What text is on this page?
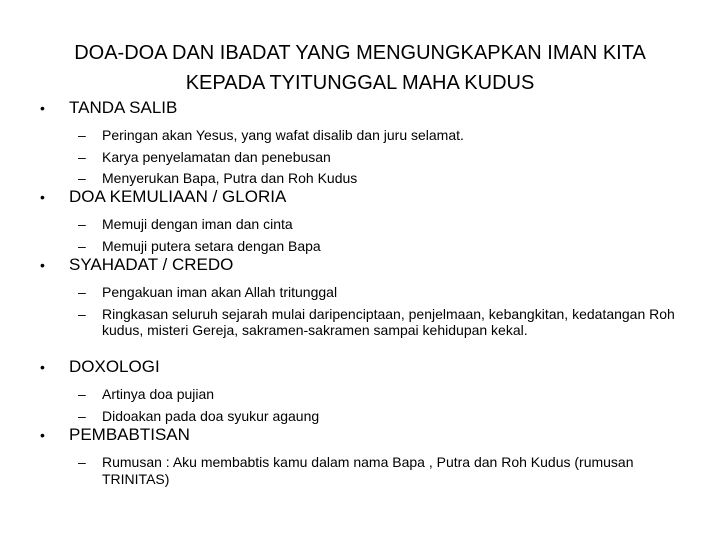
DOA-DOA DAN IBADAT YANG MENGUNGKAPKAN IMAN KITA
KEPADA TYITUNGGAL MAHA KUDUS
• TANDA SALIB
– Peringan akan Yesus, yang wafat disalib dan juru selamat.
– Karya penyelamatan dan penebusan
– Menyerukan Bapa, Putra dan Roh Kudus
• DOA KEMULIAAN / GLORIA
– Memuji dengan iman dan cinta
– Memuji putera setara dengan Bapa
• SYAHADAT / CREDO
– Pengakuan iman akan Allah tritunggal
– Ringkasan seluruh sejarah mulai daripenciptaan, penjelmaan, kebangkitan, kedatangan Roh kudus, misteri Gereja, sakramen-sakramen sampai kehidupan kekal.
• DOXOLOGI
– Artinya doa pujian
– Didoakan pada doa syukur agaung
• PEMBABTISAN
– Rumusan : Aku membabtis kamu dalam nama Bapa , Putra dan Roh Kudus (rumusan TRINITAS)
